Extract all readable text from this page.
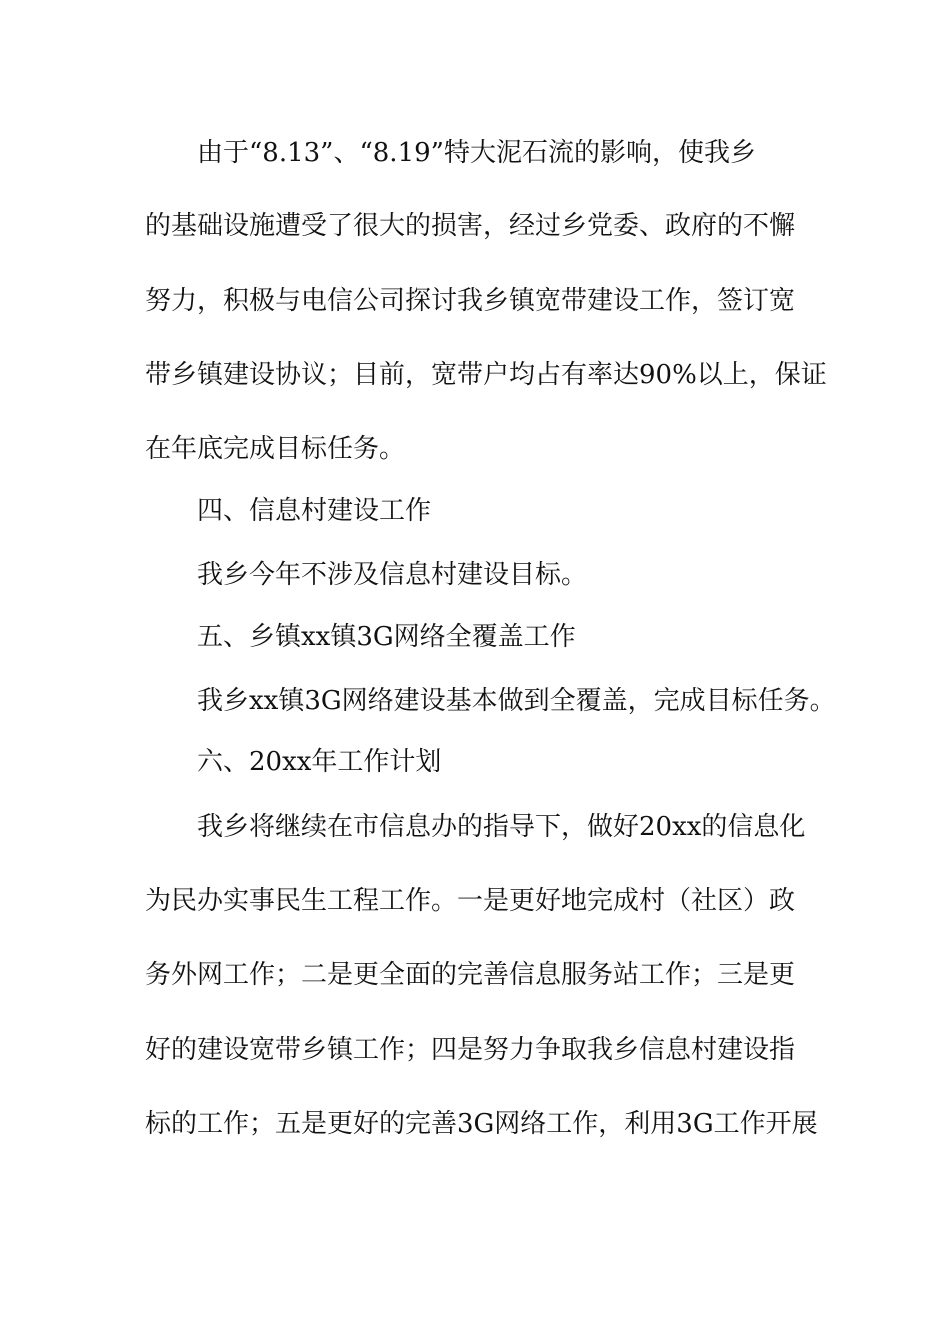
由于“8.13”、“8.19”特大泥石流的影响，使我乡
的基础设施遭受了很大的损害，经过乡党委、政府的不懈
努力，积极与电信公司探讨我乡镇宽带建设工作，签订宽
带乡镇建设协议；目前，宽带户均占有率达90%以上，保证
在年底完成目标任务。
四、信息村建设工作
我乡今年不涉及信息村建设目标。
五、乡镇xx镇3G网络全覆盖工作
我乡xx镇3G网络建设基本做到全覆盖，完成目标任务。
六、20xx年工作计划
我乡将继续在市信息办的指导下，做好20xx的信息化
为民办实事民生工程工作。一是更好地完成村（社区）政
务外网工作；二是更全面的完善信息服务站工作；三是更
好的建设宽带乡镇工作；四是努力争取我乡信息村建设指
标的工作；五是更好的完善3G网络工作，利用3G工作开展
